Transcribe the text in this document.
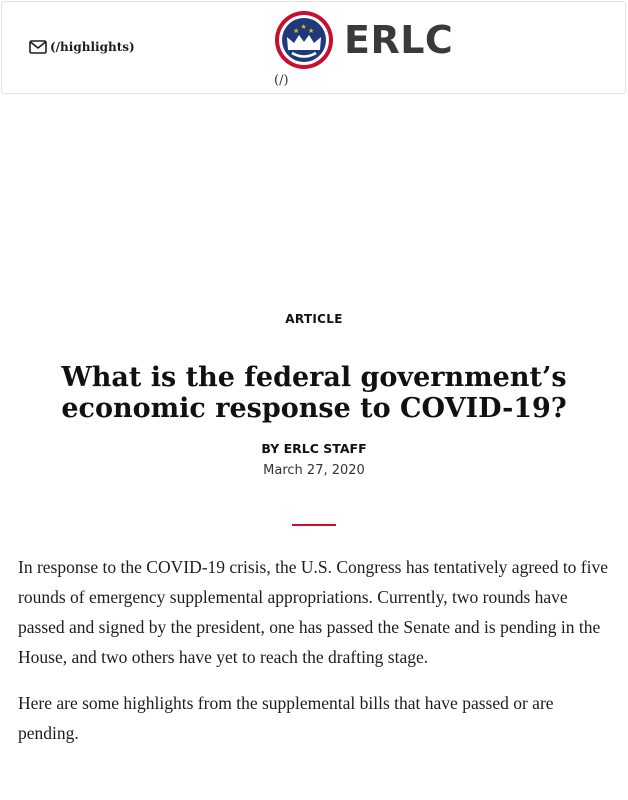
(/highlights)
★ ★ ★ ERLC
(/)
ARTICLE
What is the federal government’s economic response to COVID-19?
BY ERLC STAFF
March 27, 2020

In response to the COVID-19 crisis, the U.S. Congress has tentatively agreed to five rounds of emergency supplemental appropriations. Currently, two rounds have passed and signed by the president, one has passed the Senate and is pending in the House, and two others have yet to reach the drafting stage.

Here are some highlights from the supplemental bills that have passed or are pending.
